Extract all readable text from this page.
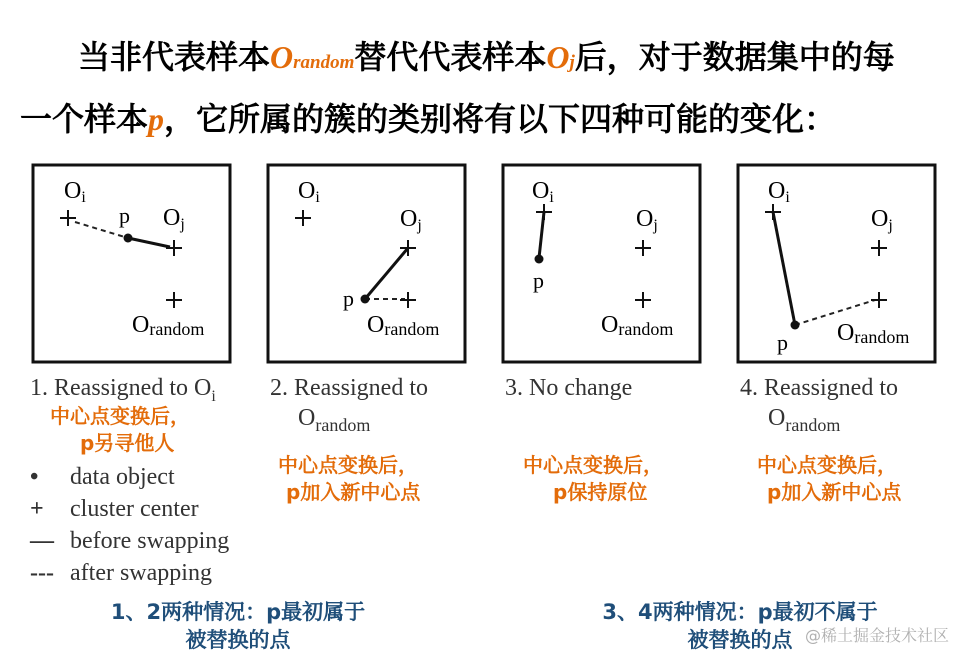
当非代表样本Orandom替代代表样本Oj后，对于数据集中的每
一个样本p，它所属的簇的类别将有以下四种可能的变化：
Oi
p Oj
Orandom
Oi
Oj
p
Orandom
Oi
p
Oj
Orandom
Oi
Oj
p Orandom
1. Reassigned to $O_i$ 2. Reassigned to
$O_{random}$
3. No change	4. Reassigned to
$O_{random}$
中心点变换后，
p另寻他人
中心点变换后，
p加入新中心点
中心点变换后，
p保持原位
中心点变换后，
p加入新中心点
•	data object
+	cluster center
— before swapping
--- after swapping
1、2两种情况：p最初属于
被替换的点
3、4两种情况：p最初不属于
被替换的点 @稀土掘金技术社区
